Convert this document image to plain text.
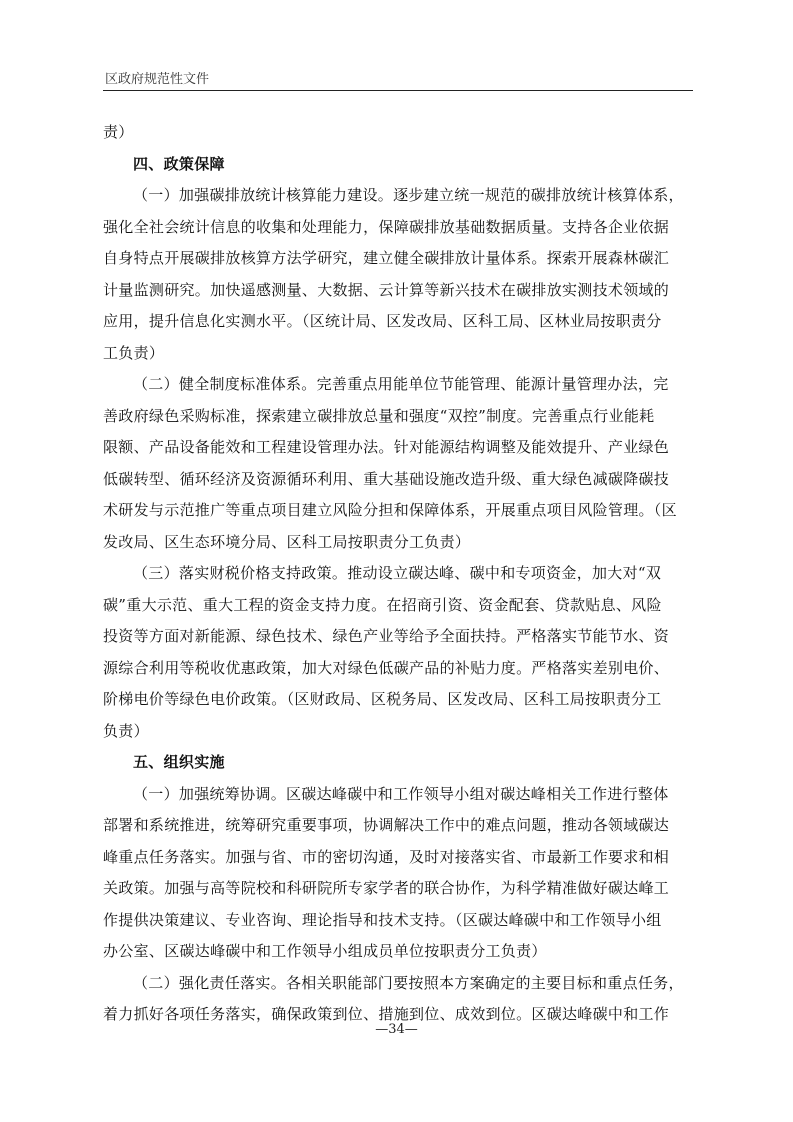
区政府规范性文件
责）
四、政策保障
（一）加强碳排放统计核算能力建设。逐步建立统一规范的碳排放统计核算体系，
强化全社会统计信息的收集和处理能力，保障碳排放基础数据质量。支持各企业依据
自身特点开展碳排放核算方法学研究，建立健全碳排放计量体系。探索开展森林碳汇
计量监测研究。加快遥感测量、大数据、云计算等新兴技术在碳排放实测技术领域的
应用，提升信息化实测水平。（区统计局、区发改局、区科工局、区林业局按职责分
工负责）
（二）健全制度标准体系。完善重点用能单位节能管理、能源计量管理办法，完
善政府绿色采购标准，探索建立碳排放总量和强度“双控”制度。完善重点行业能耗
限额、产品设备能效和工程建设管理办法。针对能源结构调整及能效提升、产业绿色
低碳转型、循环经济及资源循环利用、重大基础设施改造升级、重大绿色减碳降碳技
术研发与示范推广等重点项目建立风险分担和保障体系，开展重点项目风险管理。（区
发改局、区生态环境分局、区科工局按职责分工负责）
（三）落实财税价格支持政策。推动设立碳达峰、碳中和专项资金，加大对“双
碳”重大示范、重大工程的资金支持力度。在招商引资、资金配套、贷款贴息、风险
投资等方面对新能源、绿色技术、绿色产业等给予全面扶持。严格落实节能节水、资
源综合利用等税收优惠政策，加大对绿色低碳产品的补贴力度。严格落实差别电价、
阶梯电价等绿色电价政策。（区财政局、区税务局、区发改局、区科工局按职责分工
负责）
五、组织实施
（一）加强统筹协调。区碳达峰碳中和工作领导小组对碳达峰相关工作进行整体
部署和系统推进，统筹研究重要事项，协调解决工作中的难点问题，推动各领域碳达
峰重点任务落实。加强与省、市的密切沟通，及时对接落实省、市最新工作要求和相
关政策。加强与高等院校和科研院所专家学者的联合协作，为科学精准做好碳达峰工
作提供决策建议、专业咨询、理论指导和技术支持。（区碳达峰碳中和工作领导小组
办公室、区碳达峰碳中和工作领导小组成员单位按职责分工负责）
（二）强化责任落实。各相关职能部门要按照本方案确定的主要目标和重点任务，
着力抓好各项任务落实，确保政策到位、措施到位、成效到位。区碳达峰碳中和工作
—34—
